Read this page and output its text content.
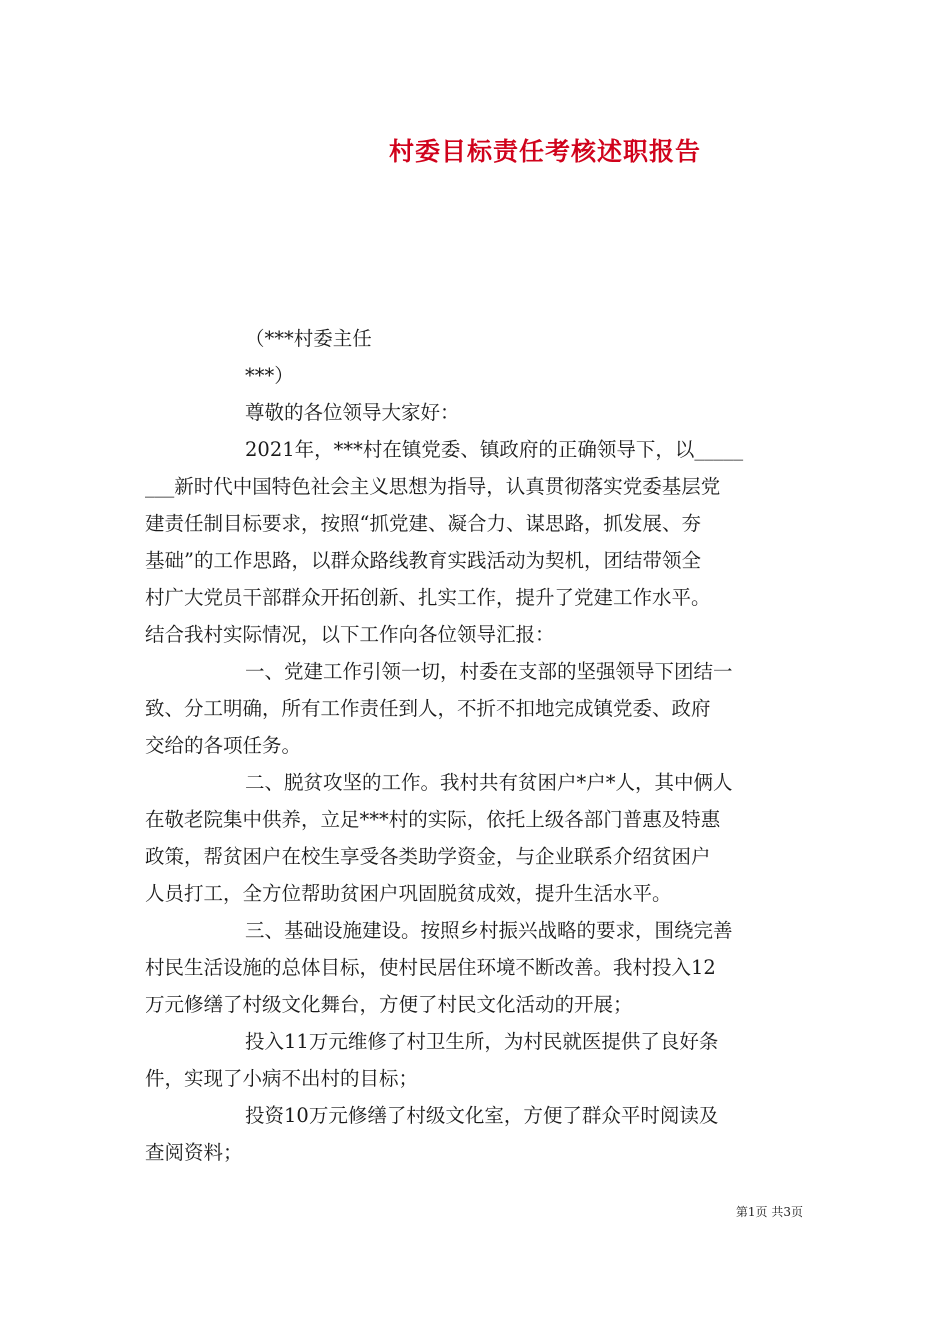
村委目标责任考核述职报告
（***村委主任
***）
尊敬的各位领导大家好：
2021年，***村在镇党委、镇政府的正确领导下，以_____
___新时代中国特色社会主义思想为指导，认真贯彻落实党委基层党
建责任制目标要求，按照“抓党建、凝合力、谋思路，抓发展、夯
基础”的工作思路，以群众路线教育实践活动为契机，团结带领全
村广大党员干部群众开拓创新、扎实工作，提升了党建工作水平。
结合我村实际情况，以下工作向各位领导汇报：
一、党建工作引领一切，村委在支部的坚强领导下团结一
致、分工明确，所有工作责任到人，不折不扣地完成镇党委、政府
交给的各项任务。
二、脱贫攻坚的工作。我村共有贫困户*户*人，其中俩人
在敬老院集中供养，立足***村的实际，依托上级各部门普惠及特惠
政策，帮贫困户在校生享受各类助学资金，与企业联系介绍贫困户
人员打工，全方位帮助贫困户巩固脱贫成效，提升生活水平。
三、基础设施建设。按照乡村振兴战略的要求，围绕完善
村民生活设施的总体目标，使村民居住环境不断改善。我村投入12
万元修缮了村级文化舞台，方便了村民文化活动的开展；
投入11万元维修了村卫生所，为村民就医提供了良好条
件，实现了小病不出村的目标；
投资10万元修缮了村级文化室，方便了群众平时阅读及
查阅资料；
第1页 共3页
